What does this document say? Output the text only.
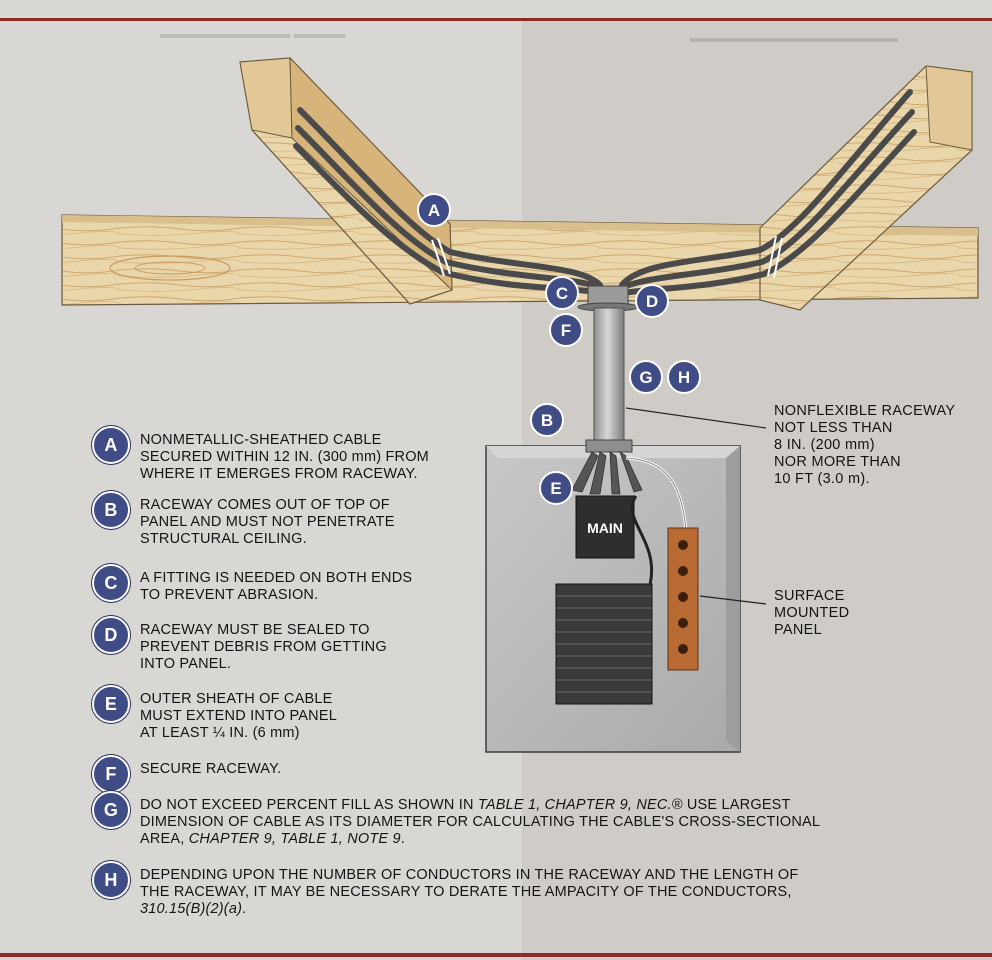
▬▬▬▬ ▬▬▬▬▬▬▬▬▬▬	▬▬▬▬▬▬▬▬▬▬▬▬▬▬▬▬
MAIN
A
C	D
F
G H
B
E
NONFLEXIBLE RACEWAY
NOT LESS THAN
8 IN. (200 mm)
NOR MORE THAN
10 FT (3.0 m).
SURFACE
MOUNTED
PANEL
A	NONMETALLIC-SHEATHED CABLE
SECURED WITHIN 12 IN. (300 mm) FROM
WHERE IT EMERGES FROM RACEWAY.
B	RACEWAY COMES OUT OF TOP OF
PANEL AND MUST NOT PENETRATE
STRUCTURAL CEILING.
C	A FITTING IS NEEDED ON BOTH ENDS
TO PREVENT ABRASION.
D	RACEWAY MUST BE SEALED TO
PREVENT DEBRIS FROM GETTING
INTO PANEL.
E	OUTER SHEATH OF CABLE
MUST EXTEND INTO PANEL
AT LEAST ¼ IN. (6 mm)
F	SECURE RACEWAY.
G	DO NOT EXCEED PERCENT FILL AS SHOWN IN TABLE 1, CHAPTER 9, NEC.® USE LARGEST
DIMENSION OF CABLE AS ITS DIAMETER FOR CALCULATING THE CABLE'S CROSS-SECTIONAL
AREA, CHAPTER 9, TABLE 1, NOTE 9.
H	DEPENDING UPON THE NUMBER OF CONDUCTORS IN THE RACEWAY AND THE LENGTH OF
THE RACEWAY, IT MAY BE NECESSARY TO DERATE THE AMPACITY OF THE CONDUCTORS,
310.15(B)(2)(a).
